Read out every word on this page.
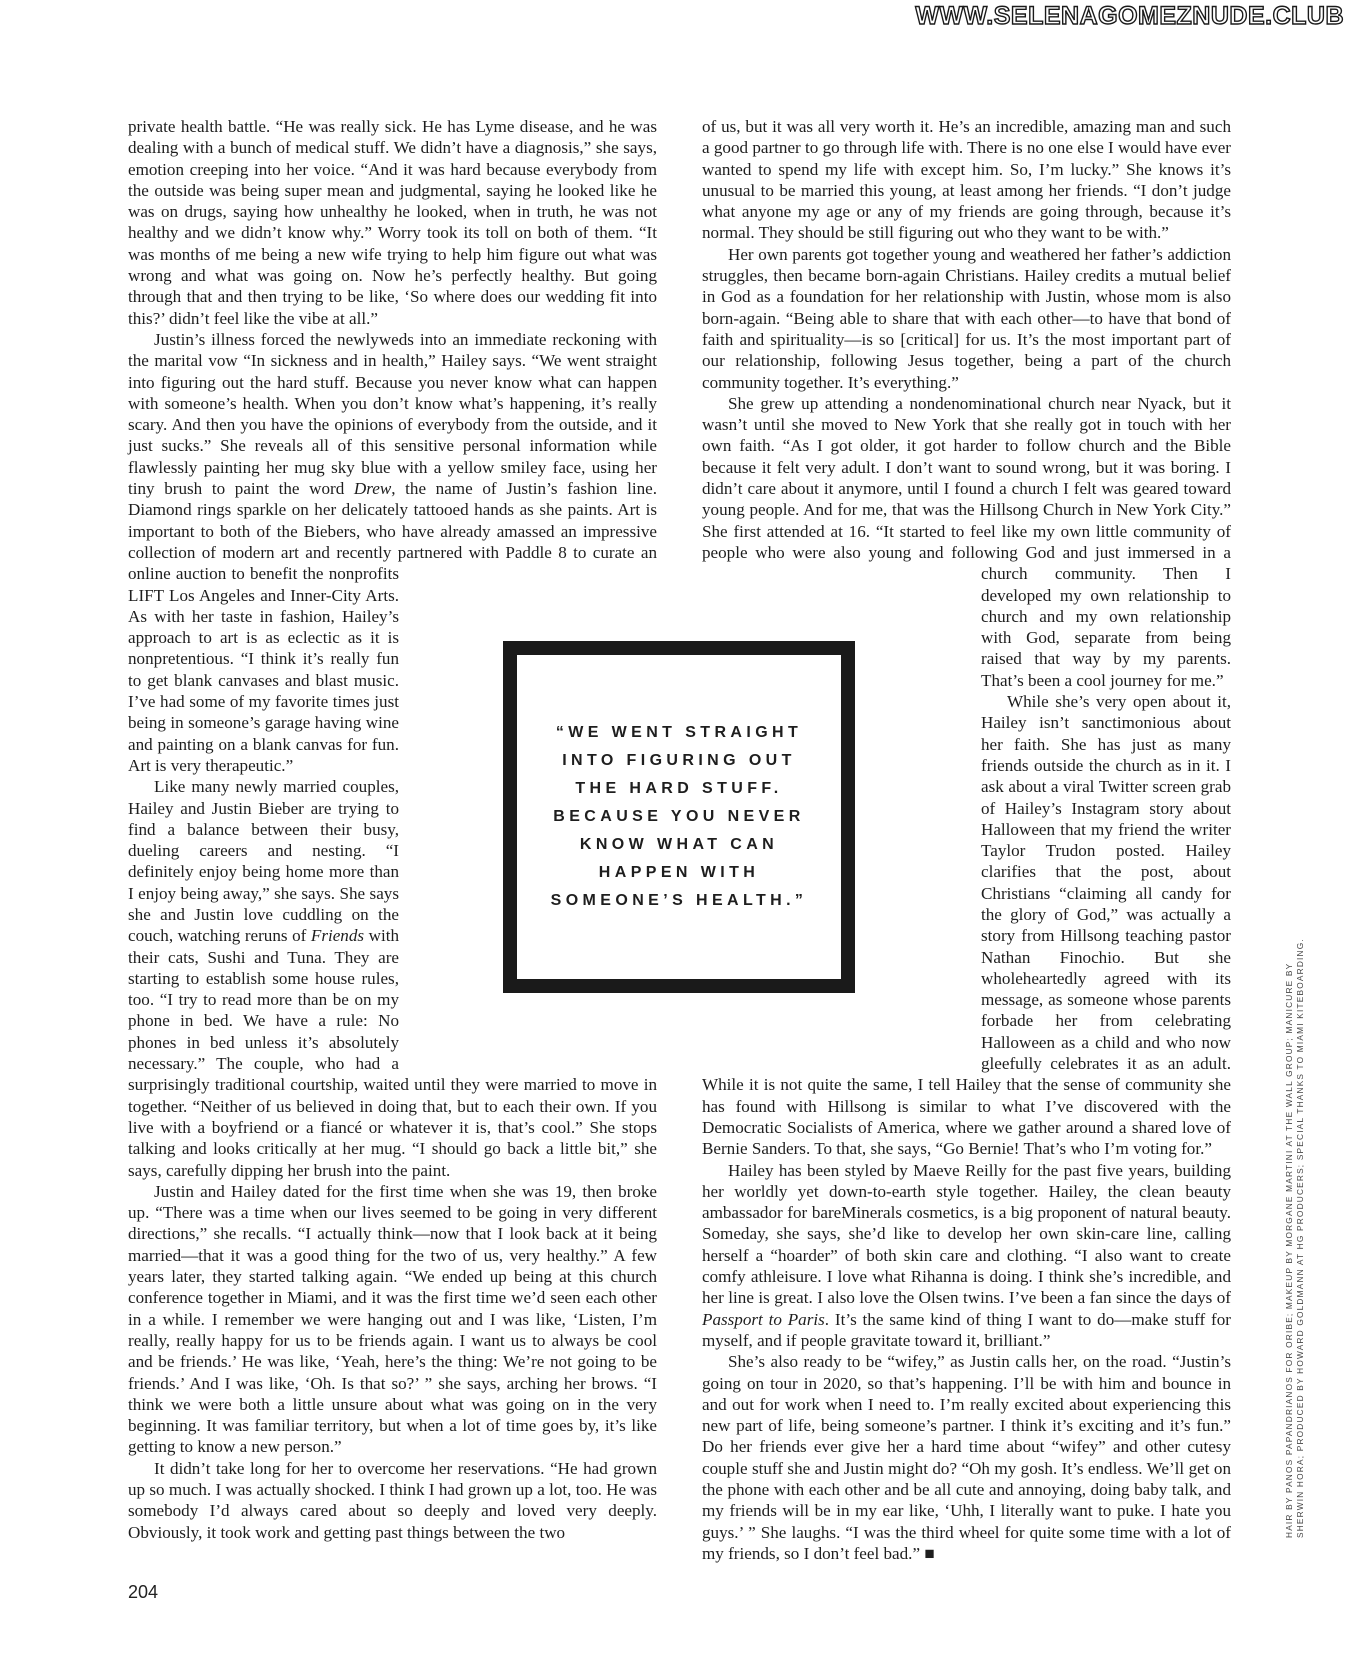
WWW.SELENAGOMEZNUDE.CLUB

private health battle. “He was really sick. He has Lyme disease, and he was dealing with a bunch of medical stuff. We didn’t have a diagnosis,” she says, emotion creeping into her voice. “And it was hard because everybody from the outside was being super mean and judgmental, saying he looked like he was on drugs, saying how unhealthy he looked, when in truth, he was not healthy and we didn’t know why.” Worry took its toll on both of them. “It was months of me being a new wife trying to help him figure out what was wrong and what was going on. Now he’s perfectly healthy. But going through that and then trying to be like, ‘So where does our wedding fit into this?’ didn’t feel like the vibe at all.”

Justin’s illness forced the newlyweds into an immediate reckoning with the marital vow “In sickness and in health,” Hailey says. “We went straight into figuring out the hard stuff. Because you never know what can happen with someone’s health. When you don’t know what’s happening, it’s really scary. And then you have the opinions of everybody from the outside, and it just sucks.” She reveals all of this sensitive personal information while flawlessly painting her mug sky blue with a yellow smiley face, using her tiny brush to paint the word Drew, the name of Justin’s fashion line. Diamond rings sparkle on her delicately tattooed hands as she paints. Art is important to both of the Biebers, who have already amassed an impressive collection of modern art and recently partnered with Paddle 8 to curate an online auction to benefit the nonprofits LIFT Los Angeles and Inner-City Arts. As with her taste in fashion, Hailey’s approach to art is as eclectic as it is nonpretentious. “I think it’s really fun to get blank canvases and blast music. I’ve had some of my favorite times just being in someone’s garage having wine and painting on a blank canvas for fun. Art is very therapeutic.”

Like many newly married couples, Hailey and Justin Bieber are trying to find a balance between their busy, dueling careers and nesting. “I definitely enjoy being home more than I enjoy being away,” she says. She says she and Justin love cuddling on the couch, watching reruns of Friends with their cats, Sushi and Tuna. They are starting to establish some house rules, too. “I try to read more than be on my phone in bed. We have a rule: No phones in bed unless it’s absolutely necessary.” The couple, who had a surprisingly traditional courtship, waited until they were married to move in together. “Neither of us believed in doing that, but to each their own. If you live with a boyfriend or a fiancé or whatever it is, that’s cool.” She stops talking and looks critically at her mug. “I should go back a little bit,” she says, carefully dipping her brush into the paint.

Justin and Hailey dated for the first time when she was 19, then broke up. “There was a time when our lives seemed to be going in very different directions,” she recalls. “I actually think—now that I look back at it being married—that it was a good thing for the two of us, very healthy.” A few years later, they started talking again. “We ended up being at this church conference together in Miami, and it was the first time we’d seen each other in a while. I remember we were hanging out and I was like, ‘Listen, I’m really, really happy for us to be friends again. I want us to always be cool and be friends.’ He was like, ‘Yeah, here’s the thing: We’re not going to be friends.’ And I was like, ‘Oh. Is that so?’ ” she says, arching her brows. “I think we were both a little unsure about what was going on in the very beginning. It was familiar territory, but when a lot of time goes by, it’s like getting to know a new person.”

It didn’t take long for her to overcome her reservations. “He had grown up so much. I was actually shocked. I think I had grown up a lot, too. He was somebody I’d always cared about so deeply and loved very deeply. Obviously, it took work and getting past things between the two

of us, but it was all very worth it. He’s an incredible, amazing man and such a good partner to go through life with. There is no one else I would have ever wanted to spend my life with except him. So, I’m lucky.” She knows it’s unusual to be married this young, at least among her friends. “I don’t judge what anyone my age or any of my friends are going through, because it’s normal. They should be still figuring out who they want to be with.”

Her own parents got together young and weathered her father’s addiction struggles, then became born-again Christians. Hailey credits a mutual belief in God as a foundation for her relationship with Justin, whose mom is also born-again. “Being able to share that with each other—to have that bond of faith and spirituality—is so [critical] for us. It’s the most important part of our relationship, following Jesus together, being a part of the church community together. It’s everything.”

She grew up attending a nondenominational church near Nyack, but it wasn’t until she moved to New York that she really got in touch with her own faith. “As I got older, it got harder to follow church and the Bible because it felt very adult. I don’t want to sound wrong, but it was boring. I didn’t care about it anymore, until I found a church I felt was geared toward young people. And for me, that was the Hillsong Church in New York City.” She first attended at 16. “It started to feel like my own little community of people who were also young and following God and just immersed in a church community. Then I developed my own relationship to church and my own relationship with God, separate from being raised that way by my parents. That’s been a cool journey for me.”

While she’s very open about it, Hailey isn’t sanctimonious about her faith. She has just as many friends outside the church as in it. I ask about a viral Twitter screen grab of Hailey’s Instagram story about Halloween that my friend the writer Taylor Trudon posted. Hailey clarifies that the post, about Christians “claiming all candy for the glory of God,” was actually a story from Hillsong teaching pastor Nathan Finochio. But she wholeheartedly agreed with its message, as someone whose parents forbade her from celebrating Halloween as a child and who now gleefully celebrates it as an adult. While it is not quite the same, I tell Hailey that the sense of community she has found with Hillsong is similar to what I’ve discovered with the Democratic Socialists of America, where we gather around a shared love of Bernie Sanders. To that, she says, “Go Bernie! That’s who I’m voting for.”

Hailey has been styled by Maeve Reilly for the past five years, building her worldly yet down-to-earth style together. Hailey, the clean beauty ambassador for bareMinerals cosmetics, is a big proponent of natural beauty. Someday, she says, she’d like to develop her own skin-care line, calling herself a “hoarder” of both skin care and clothing. “I also want to create comfy athleisure. I love what Rihanna is doing. I think she’s incredible, and her line is great. I also love the Olsen twins. I’ve been a fan since the days of Passport to Paris. It’s the same kind of thing I want to do—make stuff for myself, and if people gravitate toward it, brilliant.”

She’s also ready to be “wifey,” as Justin calls her, on the road. “Justin’s going on tour in 2020, so that’s happening. I’ll be with him and bounce in and out for work when I need to. I’m really excited about experiencing this new part of life, being someone’s partner. I think it’s exciting and it’s fun.” Do her friends ever give her a hard time about “wifey” and other cutesy couple stuff she and Justin might do? “Oh my gosh. It’s endless. We’ll get on the phone with each other and be all cute and annoying, doing baby talk, and my friends will be in my ear like, ‘Uhh, I literally want to puke. I hate you guys.’ ” She laughs. “I was the third wheel for quite some time with a lot of my friends, so I don’t feel bad.” ■

“WE WENT STRAIGHT INTO FIGURING OUT THE HARD STUFF. BECAUSE YOU NEVER KNOW WHAT CAN HAPPEN WITH SOMEONE’S HEALTH.”
204
HAIR BY PANOS PAPANDRIANOS FOR ORIBE; MAKEUP BY MORGANE MARTINI AT THE WALL GROUP; MANICURE BY SHERWIN HORA; PRODUCED BY HOWARD GOLDMANN AT HG PRODUCERS; SPECIAL THANKS TO MIAMI KITEBOARDING.
